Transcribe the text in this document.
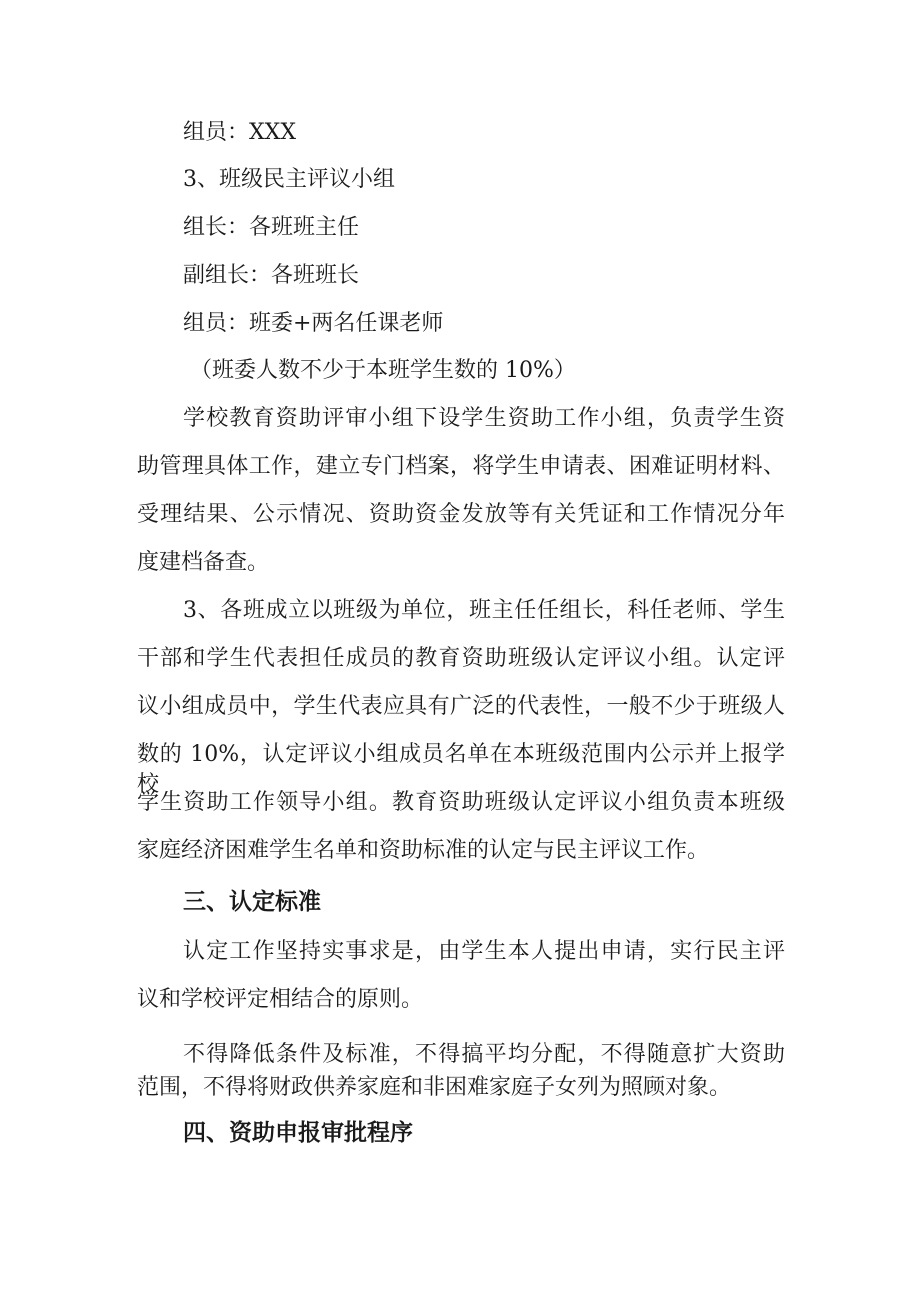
组员：XXX
3、班级民主评议小组
组长：各班班主任
副组长：各班班长
组员：班委+两名任课老师
（班委人数不少于本班学生数的 10%）
学校教育资助评审小组下设学生资助工作小组，负责学生资
助管理具体工作，建立专门档案，将学生申请表、困难证明材料、
受理结果、公示情况、资助资金发放等有关凭证和工作情况分年
度建档备查。
3、各班成立以班级为单位，班主任任组长，科任老师、学生
干部和学生代表担任成员的教育资助班级认定评议小组。认定评
议小组成员中，学生代表应具有广泛的代表性，一般不少于班级人
数的 10%，认定评议小组成员名单在本班级范围内公示并上报学校
学生资助工作领导小组。教育资助班级认定评议小组负责本班级
家庭经济困难学生名单和资助标准的认定与民主评议工作。
三、认定标准
认定工作坚持实事求是，由学生本人提出申请，实行民主评
议和学校评定相结合的原则。
不得降低条件及标准，不得搞平均分配，不得随意扩大资助
范围，不得将财政供养家庭和非困难家庭子女列为照顾对象。
四、资助申报审批程序
